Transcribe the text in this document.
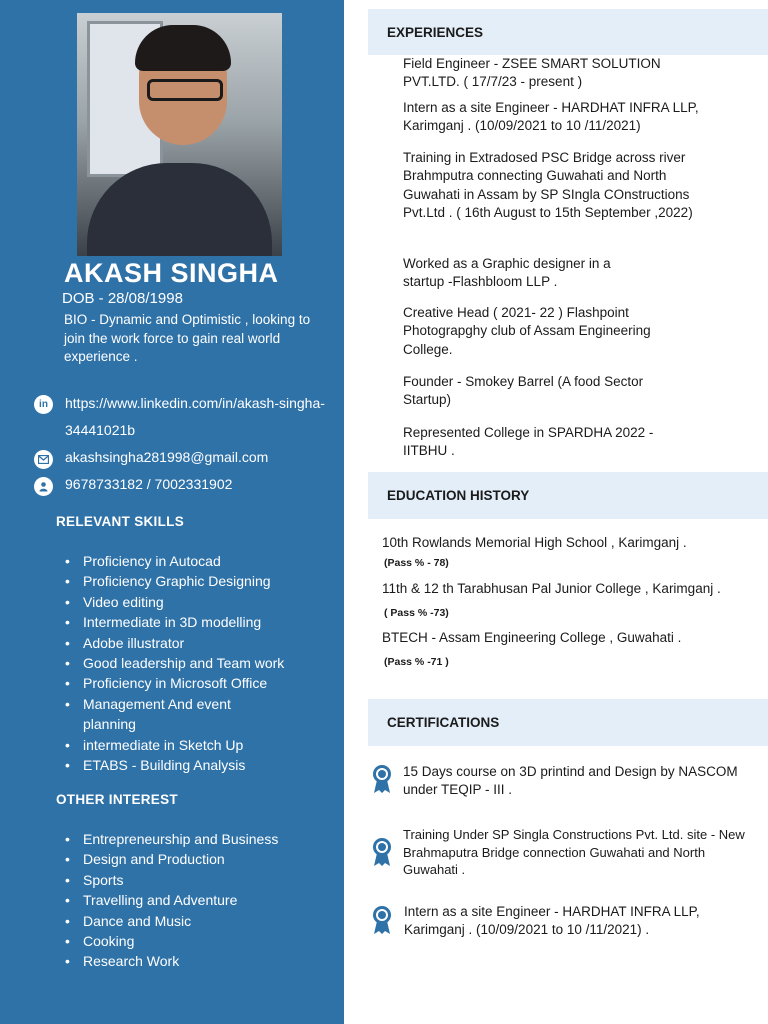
AKASH SINGHA
DOB - 28/08/1998
BIO - Dynamic and Optimistic , looking to join the work force to gain real world experience .
in	https://www.linkedin.com/in/akash-singha-34441021b
akashsingha281998@gmail.com
9678733182 / 7002331902
RELEVANT SKILLS
• Proficiency in Autocad
• Proficiency Graphic Designing
• Video editing
• Intermediate in 3D modelling
• Adobe illustrator
• Good leadership and Team work
• Proficiency in Microsoft Office
• Management And event planning
• intermediate in Sketch Up
• ETABS - Building Analysis
OTHER INTEREST
• Entrepreneurship and Business
• Design and Production
• Sports
• Travelling and Adventure
• Dance and Music
• Cooking
• Research Work
EXPERIENCES
Field Engineer - ZSEE SMART SOLUTION PVT.LTD. ( 17/7/23 - present )
Intern as a site Engineer - HARDHAT INFRA LLP, Karimganj . (10/09/2021 to 10 /11/2021)
Training in Extradosed PSC Bridge across river Brahmputra connecting Guwahati and North Guwahati in Assam by SP SIngla COnstructions Pvt.Ltd . ( 16th August to 15th September ,2022)
Worked as a Graphic designer in a startup -Flashbloom LLP .
Creative Head ( 2021- 22 ) Flashpoint Photograpghy club of Assam Engineering College.
Founder - Smokey Barrel (A food Sector Startup)
Represented College in SPARDHA 2022 - IITBHU .
EDUCATION HISTORY
10th Rowlands Memorial High School , Karimganj .
(Pass % - 78)
11th & 12 th Tarabhusan Pal Junior College , Karimganj .
( Pass % -73)
BTECH - Assam Engineering College , Guwahati .
(Pass % -71 )
CERTIFICATIONS
15 Days course on 3D printind and Design by NASCOM under TEQIP - III .
Training Under SP Singla Constructions Pvt. Ltd. site - New Brahmaputra Bridge connection Guwahati and North Guwahati .
Intern as a site Engineer - HARDHAT INFRA LLP, Karimganj . (10/09/2021 to 10 /11/2021) .
